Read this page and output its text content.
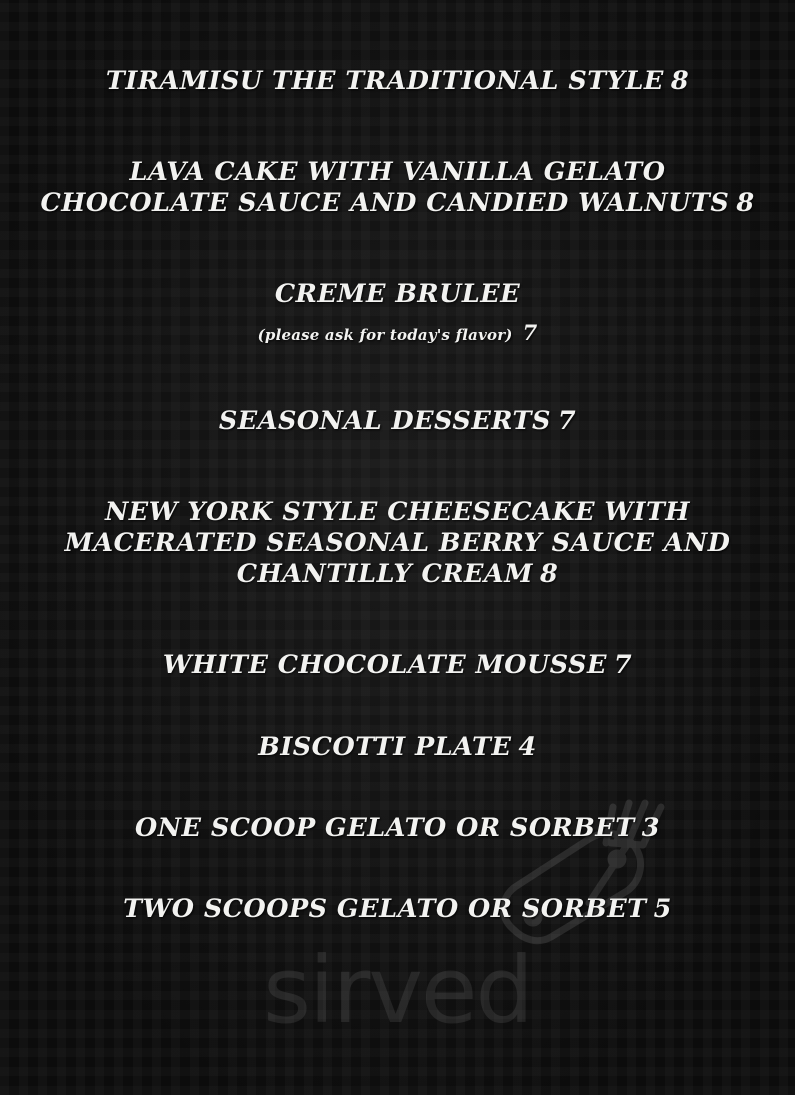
sirved
TIRAMISU THE TRADITIONAL STYLE 8
LAVA CAKE WITH VANILLA GELATO CHOCOLATE SAUCE AND CANDIED WALNUTS 8
CREME BRULEE
(please ask for today's flavor) 7
SEASONAL DESSERTS 7
NEW YORK STYLE CHEESECAKE WITH MACERATED SEASONAL BERRY SAUCE AND CHANTILLY CREAM 8
WHITE CHOCOLATE MOUSSE 7
BISCOTTI PLATE 4
ONE SCOOP GELATO OR SORBET 3
TWO SCOOPS GELATO OR SORBET 5
